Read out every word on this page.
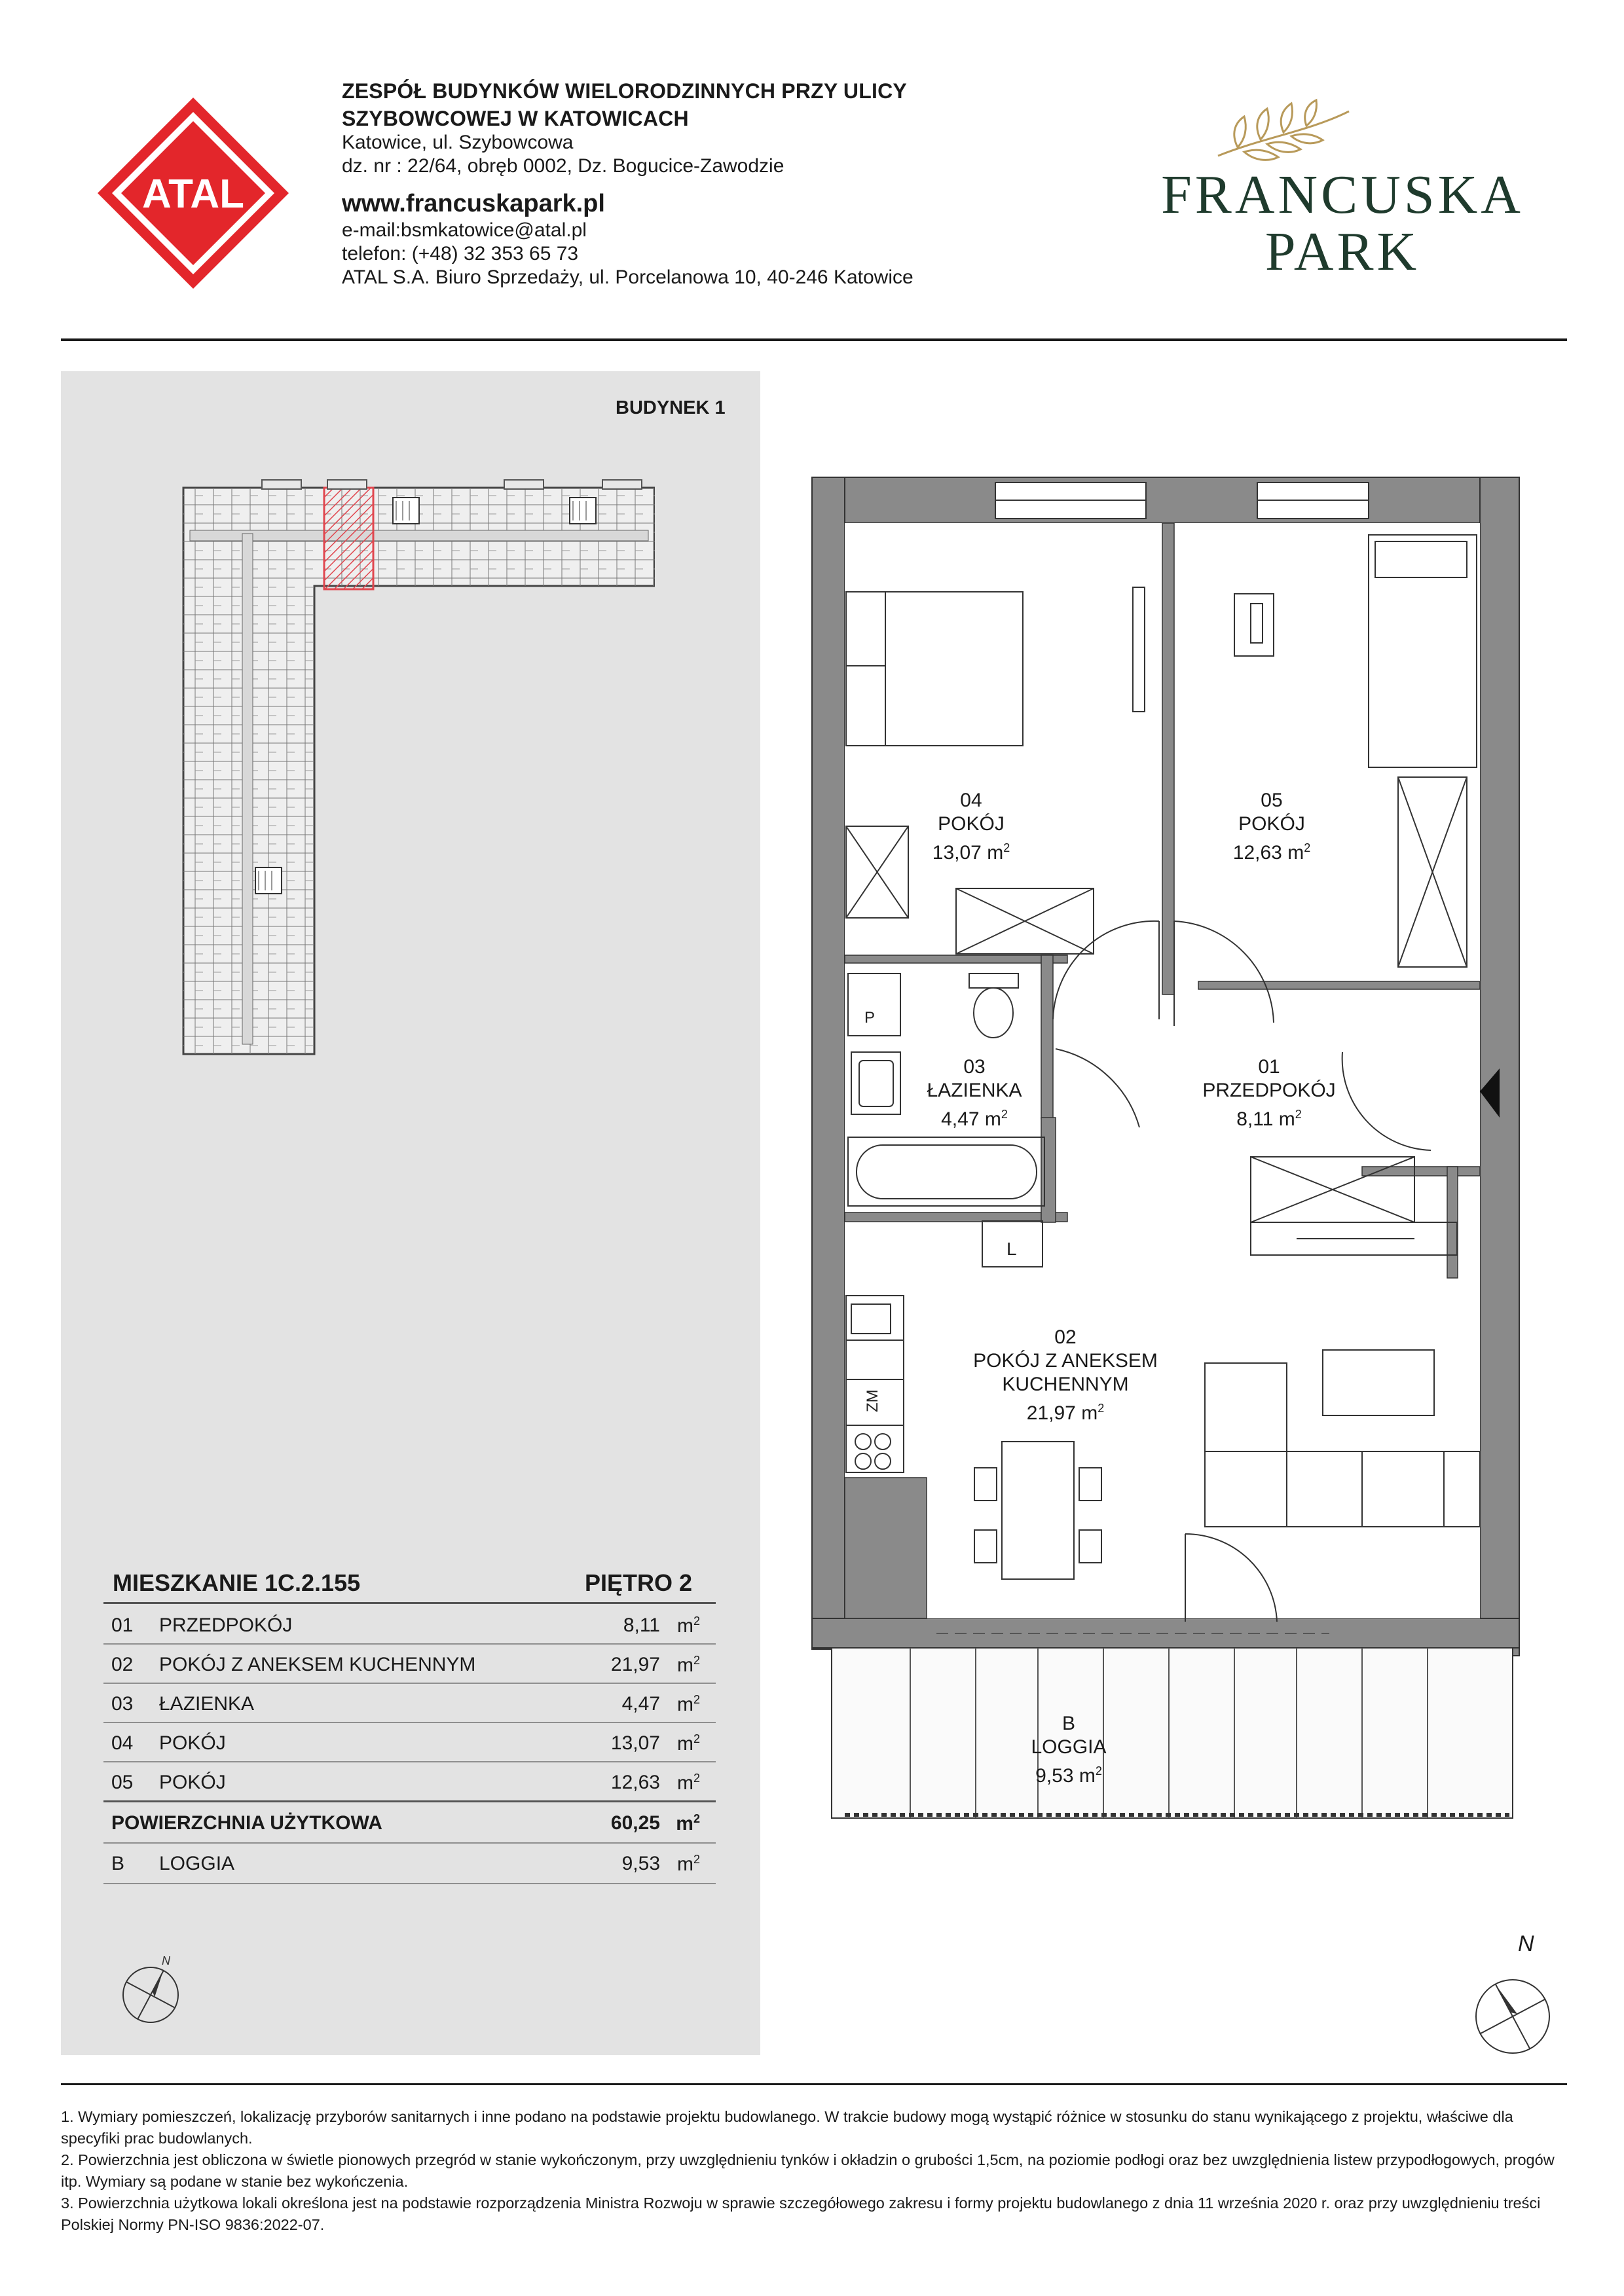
ATAL
ZESPÓŁ BUDYNKÓW WIELORODZINNYCH PRZY ULICY
SZYBOWCOWEJ W KATOWICACH
Katowice, ul. Szybowcowa
dz. nr : 22/64, obręb 0002, Dz. Bogucice-Zawodzie
www.francuskapark.pl
e-mail:bsmkatowice@atal.pl
telefon: (+48) 32 353 65 73
ATAL S.A. Biuro Sprzedaży, ul. Porcelanowa 10, 40-246 Katowice
FRANCUSKA
PARK
BUDYNEK 1
MIESZKANIE 1C.2.155	PIĘTRO 2
01 PRZEDPOKÓJ	8,11 $m^2$
02 POKÓJ Z ANEKSEM KUCHENNYM	21,97 $m^2$
03 ŁAZIENKA	4,47 $m^2$
04 POKÓJ	13,07 $m^2$
05 POKÓJ	12,63 $m^2$
POWIERZCHNIA UŻYTKOWA	60,25 $m^2$
B LOGGIA	9,53 $m^2$
N
L
ZM
P
04
POKÓJ
13,07 $m^2$
05
POKÓJ
12,63 $m^2$
03
ŁAZIENKA
4,47 $m^2$
01
PRZEDPOKÓJ
8,11 $m^2$
02
POKÓJ Z ANEKSEM
KUCHENNYM
21,97 $m^2$
B
LOGGIA
9,53 $m^2$
N

1. Wymiary pomieszczeń, lokalizację przyborów sanitarnych i inne podano na podstawie projektu budowlanego. W trakcie budowy mogą wystąpić różnice w stosunku do stanu wynikającego z projektu, właściwe dla specyfiki prac budowlanych.

2. Powierzchnia jest obliczona w świetle pionowych przegród w stanie wykończonym, przy uwzględnieniu tynków i okładzin o grubości 1,5cm, na poziomie podłogi oraz bez uwzględnienia listew przypodłogowych, progów itp. Wymiary są podane w stanie bez wykończenia.

3. Powierzchnia użytkowa lokali określona jest na podstawie rozporządzenia Ministra Rozwoju w sprawie szczegółowego zakresu i formy projektu budowlanego z dnia 11 września 2020 r. oraz przy uwzględnieniu treści Polskiej Normy PN-ISO 9836:2022-07.
